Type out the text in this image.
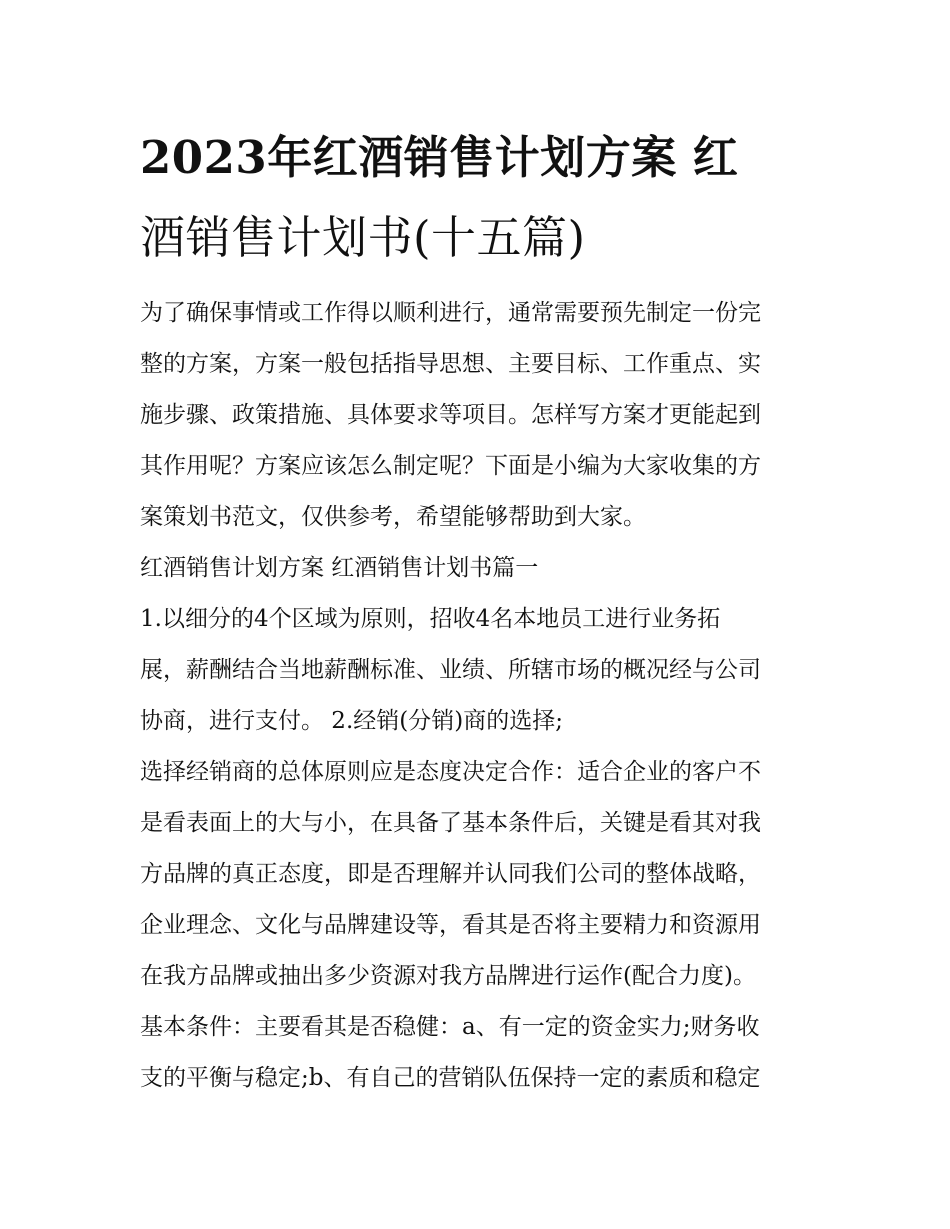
2023年红酒销售计划方案 红
酒销售计划书(十五篇)

为了确保事情或工作得以顺利进行，通常需要预先制定一份完
整的方案，方案一般包括指导思想、主要目标、工作重点、实
施步骤、政策措施、具体要求等项目。怎样写方案才更能起到
其作用呢？方案应该怎么制定呢？下面是小编为大家收集的方
案策划书范文，仅供参考，希望能够帮助到大家。

红酒销售计划方案 红酒销售计划书篇一

1.以细分的4个区域为原则，招收4名本地员工进行业务拓
展，薪酬结合当地薪酬标准、业绩、所辖市场的概况经与公司
协商，进行支付。 2.经销(分销)商的选择;

选择经销商的总体原则应是态度决定合作：适合企业的客户不
是看表面上的大与小，在具备了基本条件后，关键是看其对我
方品牌的真正态度，即是否理解并认同我们公司的整体战略，
企业理念、文化与品牌建设等，看其是否将主要精力和资源用
在我方品牌或抽出多少资源对我方品牌进行运作(配合力度)。

基本条件：主要看其是否稳健：a、有一定的资金实力;财务收
支的平衡与稳定;b、有自己的营销队伍保持一定的素质和稳定
